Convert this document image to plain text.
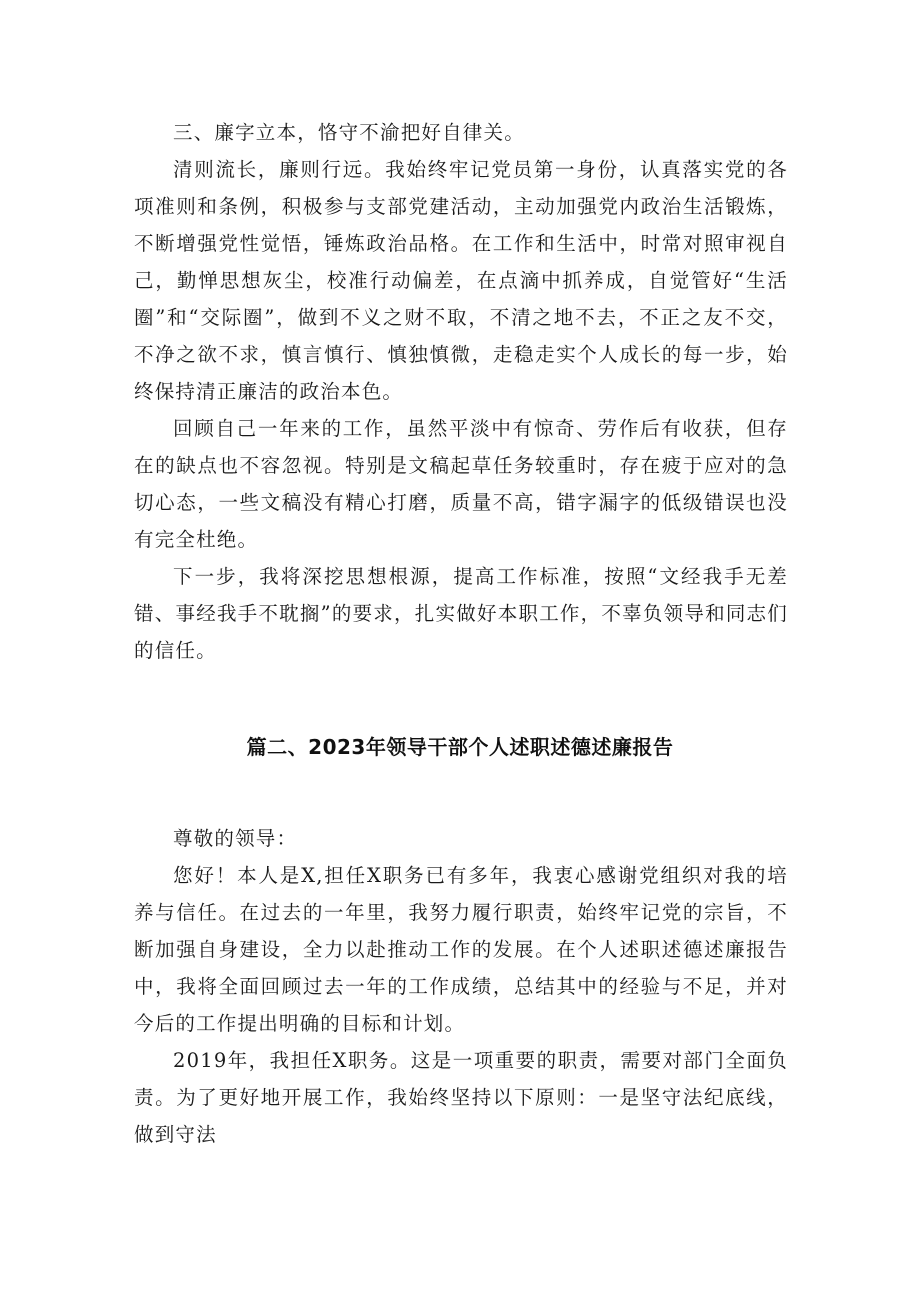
三、廉字立本，恪守不渝把好自律关。

清则流长，廉则行远。我始终牢记党员第一身份，认真落实党的各项准则和条例，积极参与支部党建活动，主动加强党内政治生活锻炼，不断增强党性觉悟，锤炼政治品格。在工作和生活中，时常对照审视自己，勤惮思想灰尘，校准行动偏差，在点滴中抓养成，自觉管好“生活圈”和“交际圈”，做到不义之财不取，不清之地不去，不正之友不交，不净之欲不求，慎言慎行、慎独慎微，走稳走实个人成长的每一步，始终保持清正廉洁的政治本色。

回顾自己一年来的工作，虽然平淡中有惊奇、劳作后有收获，但存在的缺点也不容忽视。特别是文稿起草任务较重时，存在疲于应对的急切心态，一些文稿没有精心打磨，质量不高，错字漏字的低级错误也没有完全杜绝。

下一步，我将深挖思想根源，提高工作标准，按照“文经我手无差错、事经我手不耽搁”的要求，扎实做好本职工作，不辜负领导和同志们的信任。

篇二、2023年领导干部个人述职述德述廉报告

尊敬的领导：

您好！本人是X,担任X职务已有多年，我衷心感谢党组织对我的培养与信任。在过去的一年里，我努力履行职责，始终牢记党的宗旨，不断加强自身建设，全力以赴推动工作的发展。在个人述职述德述廉报告中，我将全面回顾过去一年的工作成绩，总结其中的经验与不足，并对今后的工作提出明确的目标和计划。

2019年，我担任X职务。这是一项重要的职责，需要对部门全面负责。为了更好地开展工作，我始终坚持以下原则：一是坚守法纪底线，做到守法
